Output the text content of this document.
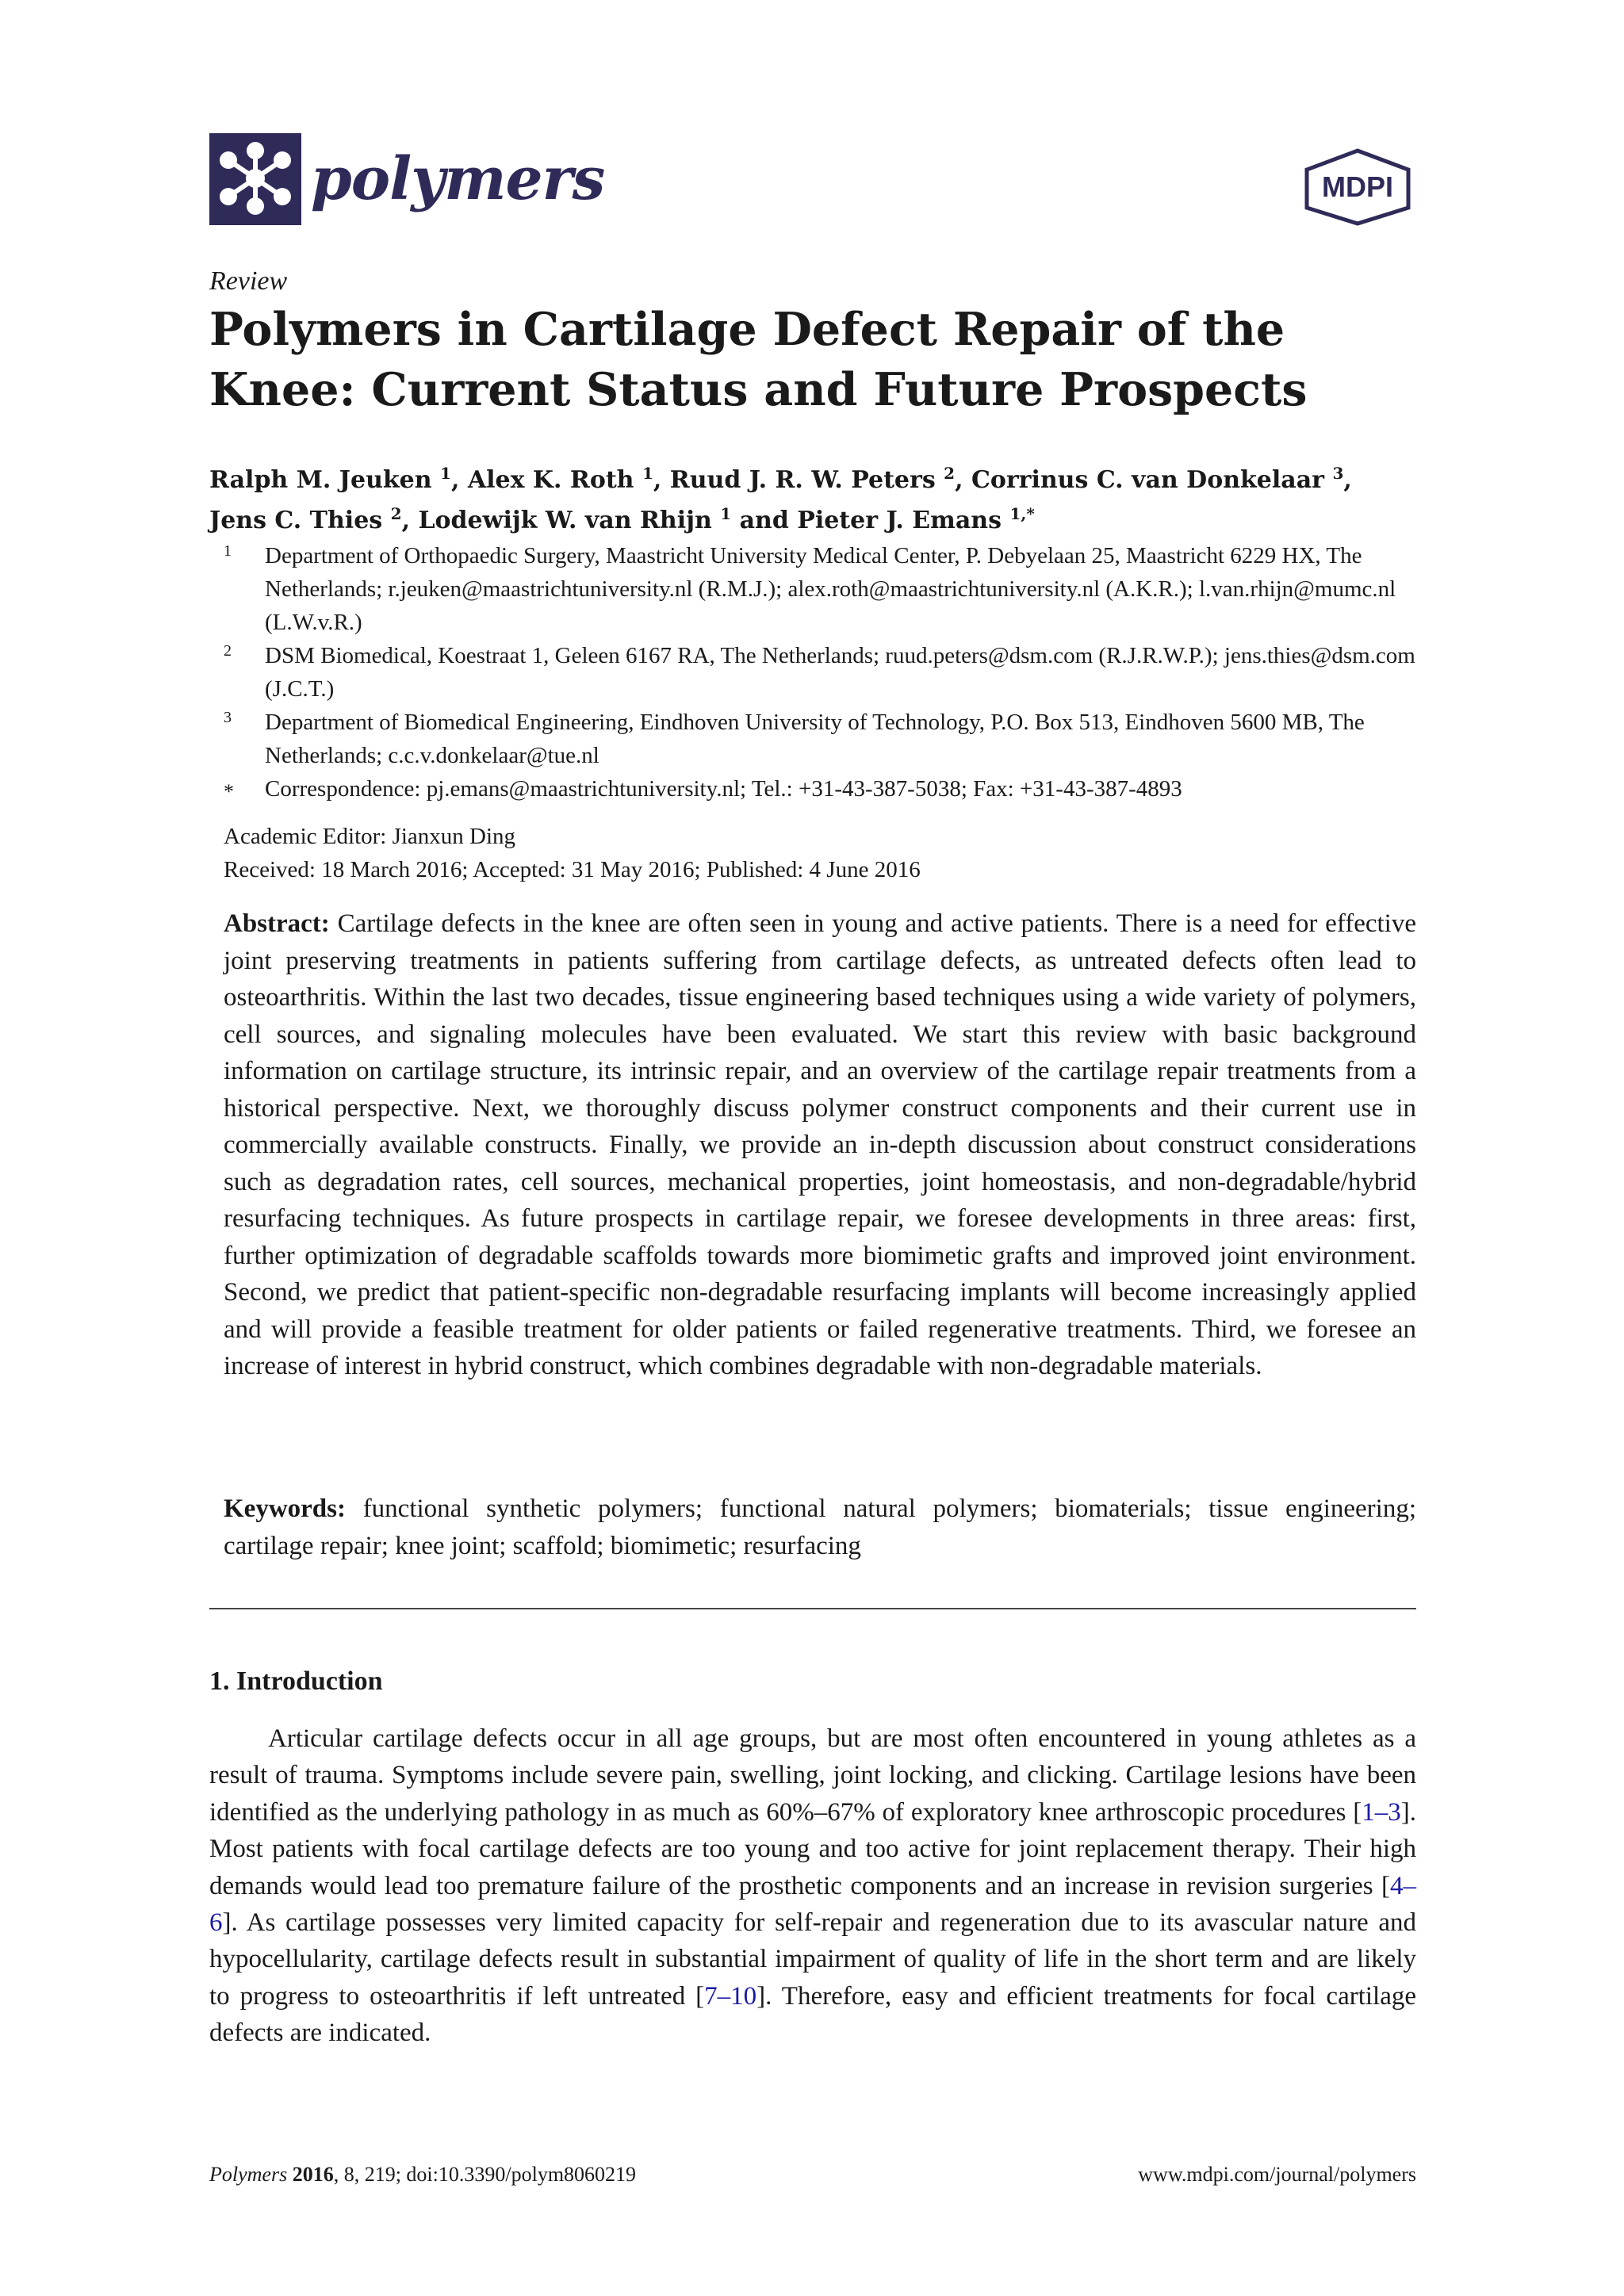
polymers	MDPI
Review
Polymers in Cartilage Defect Repair of the Knee: Current Status and Future Prospects
Ralph M. Jeuken $^1$, Alex K. Roth $^1$, Ruud J. R. W. Peters $^2$, Corrinus C. van Donkelaar $^3$,
Jens C. Thies $^2$, Lodewijk W. van Rhijn $^1$ and Pieter J. Emans $^{1,*}$
1 Department of Orthopaedic Surgery, Maastricht University Medical Center, P. Debyelaan 25, Maastricht 6229 HX, The Netherlands; r.jeuken@maastrichtuniversity.nl (R.M.J.); alex.roth@maastrichtuniversity.nl (A.K.R.); l.van.rhijn@mumc.nl (L.W.v.R.)
2 DSM Biomedical, Koestraat 1, Geleen 6167 RA, The Netherlands; ruud.peters@dsm.com (R.J.R.W.P.); jens.thies@dsm.com (J.C.T.)
3 Department of Biomedical Engineering, Eindhoven University of Technology, P.O. Box 513, Eindhoven 5600 MB, The Netherlands; c.c.v.donkelaar@tue.nl
* Correspondence: pj.emans@maastrichtuniversity.nl; Tel.: +31-43-387-5038; Fax: +31-43-387-4893
Academic Editor: Jianxun Ding
Received: 18 March 2016; Accepted: 31 May 2016; Published: 4 June 2016
Abstract: Cartilage defects in the knee are often seen in young and active patients. There is a need for effective joint preserving treatments in patients suffering from cartilage defects, as untreated defects often lead to osteoarthritis. Within the last two decades, tissue engineering based techniques using a wide variety of polymers, cell sources, and signaling molecules have been evaluated. We start this review with basic background information on cartilage structure, its intrinsic repair, and an overview of the cartilage repair treatments from a historical perspective. Next, we thoroughly discuss polymer construct components and their current use in commercially available constructs. Finally, we provide an in-depth discussion about construct considerations such as degradation rates, cell sources, mechanical properties, joint homeostasis, and non-degradable/hybrid resurfacing techniques. As future prospects in cartilage repair, we foresee developments in three areas: first, further optimization of degradable scaffolds towards more biomimetic grafts and improved joint environment. Second, we predict that patient-specific non-degradable resurfacing implants will become increasingly applied and will provide a feasible treatment for older patients or failed regenerative treatments. Third, we foresee an increase of interest in hybrid construct, which combines degradable with non-degradable materials.
Keywords: functional synthetic polymers; functional natural polymers; biomaterials; tissue engineering; cartilage repair; knee joint; scaffold; biomimetic; resurfacing
1. Introduction
Articular cartilage defects occur in all age groups, but are most often encountered in young athletes as a result of trauma. Symptoms include severe pain, swelling, joint locking, and clicking. Cartilage lesions have been identified as the underlying pathology in as much as 60%–67% of exploratory knee arthroscopic procedures [1–3]. Most patients with focal cartilage defects are too young and too active for joint replacement therapy. Their high demands would lead too premature failure of the prosthetic components and an increase in revision surgeries [4–6]. As cartilage possesses very limited capacity for self-repair and regeneration due to its avascular nature and hypocellularity, cartilage defects result in substantial impairment of quality of life in the short term and are likely to progress to osteoarthritis if left untreated [7–10]. Therefore, easy and efficient treatments for focal cartilage defects are indicated.
Polymers 2016, 8, 219; doi:10.3390/polym8060219	www.mdpi.com/journal/polymers
